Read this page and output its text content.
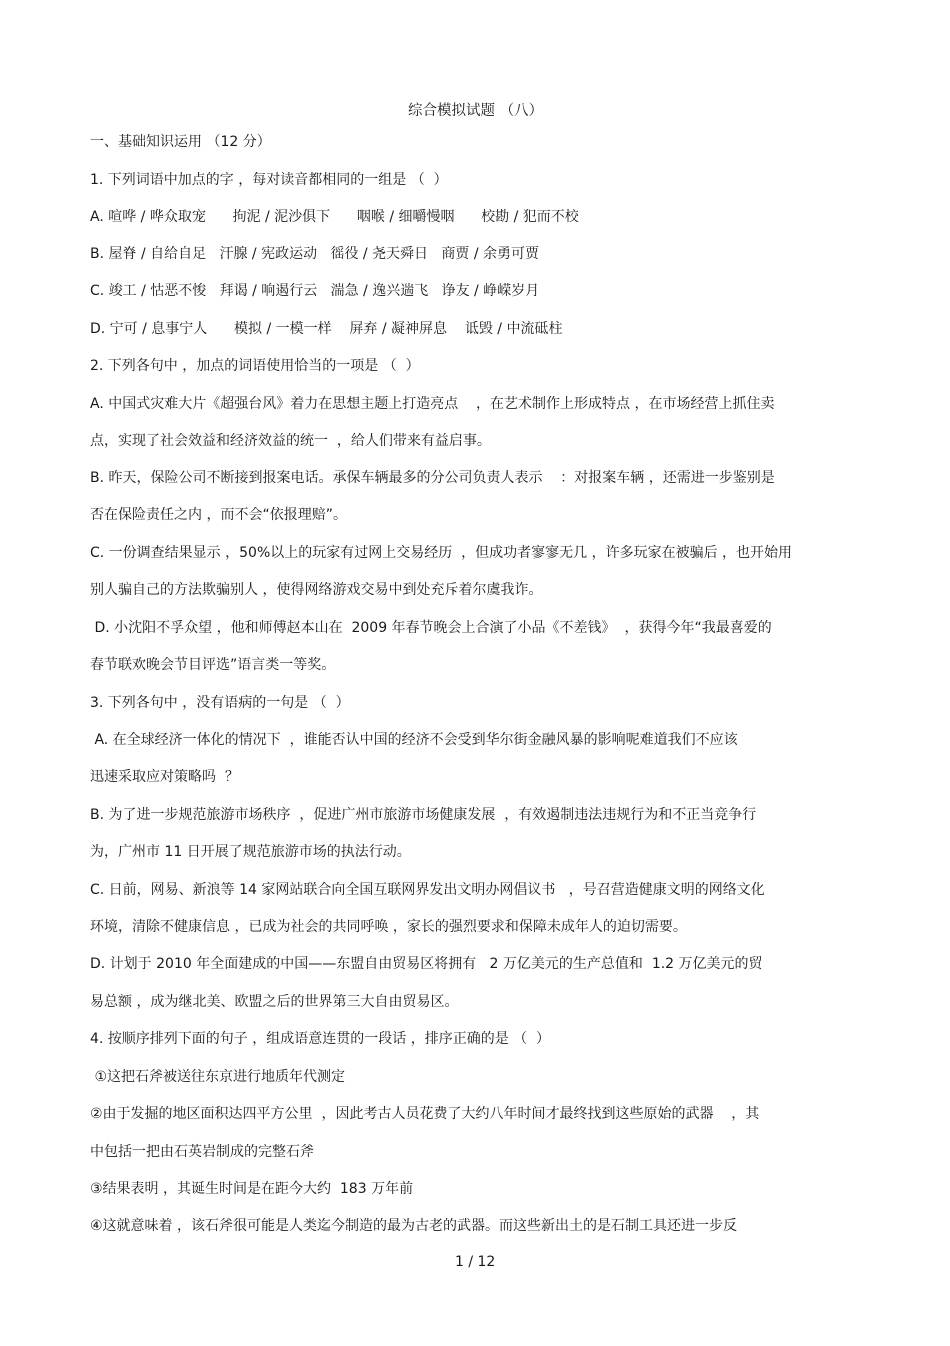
综合模拟试题 （八）
一、基础知识运用 （12 分）
1. 下列词语中加点的字 ，每对读音都相同的一组是 （  ）
A. 喧哗 / 哗众取宠      拘泥 / 泥沙俱下      咽喉 / 细嚼慢咽      校勘 / 犯而不校
B. 屋脊 / 自给自足   汗腺 / 宪政运动   徭役 / 尧天舜日   商贾 / 余勇可贾
C. 竣工 / 怙恶不悛   拜谒 / 响遏行云   湍急 / 逸兴遄飞   诤友 / 峥嵘岁月
D. 宁可 / 息事宁人      模拟 / 一模一样    屏弃 / 凝神屏息    诋毁 / 中流砥柱
2. 下列各句中 ，加点的词语使用恰当的一项是 （  ）
A. 中国式灾难大片《超强台风》着力在思想主题上打造亮点    ，在艺术制作上形成特点 ，在市场经营上抓住卖
点，实现了社会效益和经济效益的统一  ，给人们带来有益启事。
B. 昨天，保险公司不断接到报案电话。承保车辆最多的分公司负责人表示    ：对报案车辆 ，还需进一步鉴别是
否在保险责任之内 ，而不会“依报理赔”。
C. 一份调查结果显示 ，50%以上的玩家有过网上交易经历  ，但成功者寥寥无几 ，许多玩家在被骗后 ，也开始用
别人骗自己的方法欺骗别人 ，使得网络游戏交易中到处充斥着尔虞我诈。
D. 小沈阳不孚众望 ，他和师傅赵本山在  2009 年春节晚会上合演了小品《不差钱》  ，获得今年“我最喜爱的
春节联欢晚会节目评选”语言类一等奖。
3. 下列各句中 ，没有语病的一句是 （  ）
A. 在全球经济一体化的情况下  ，谁能否认中国的经济不会受到华尔街金融风暴的影响呢难道我们不应该
迅速采取应对策略吗  ？
B. 为了进一步规范旅游市场秩序  ，促进广州市旅游市场健康发展  ，有效遏制违法违规行为和不正当竞争行
为，广州市 11 日开展了规范旅游市场的执法行动。
C. 日前，网易、新浪等 14 家网站联合向全国互联网界发出文明办网倡议书   ，号召营造健康文明的网络文化
环境，清除不健康信息 ，已成为社会的共同呼唤 ，家长的强烈要求和保障未成年人的迫切需要。
D. 计划于 2010 年全面建成的中国——东盟自由贸易区将拥有   2 万亿美元的生产总值和  1.2 万亿美元的贸
易总额 ，成为继北美、欧盟之后的世界第三大自由贸易区。
4. 按顺序排列下面的句子 ，组成语意连贯的一段话 ，排序正确的是 （  ）
①这把石斧被送往东京进行地质年代测定
②由于发掘的地区面积达四平方公里  ，因此考古人员花费了大约八年时间才最终找到这些原始的武器    ，其
中包括一把由石英岩制成的完整石斧
③结果表明 ，其诞生时间是在距今大约  183 万年前
④这就意味着 ，该石斧很可能是人类迄今制造的最为古老的武器。而这些新出土的是石制工具还进一步反
1 / 12
